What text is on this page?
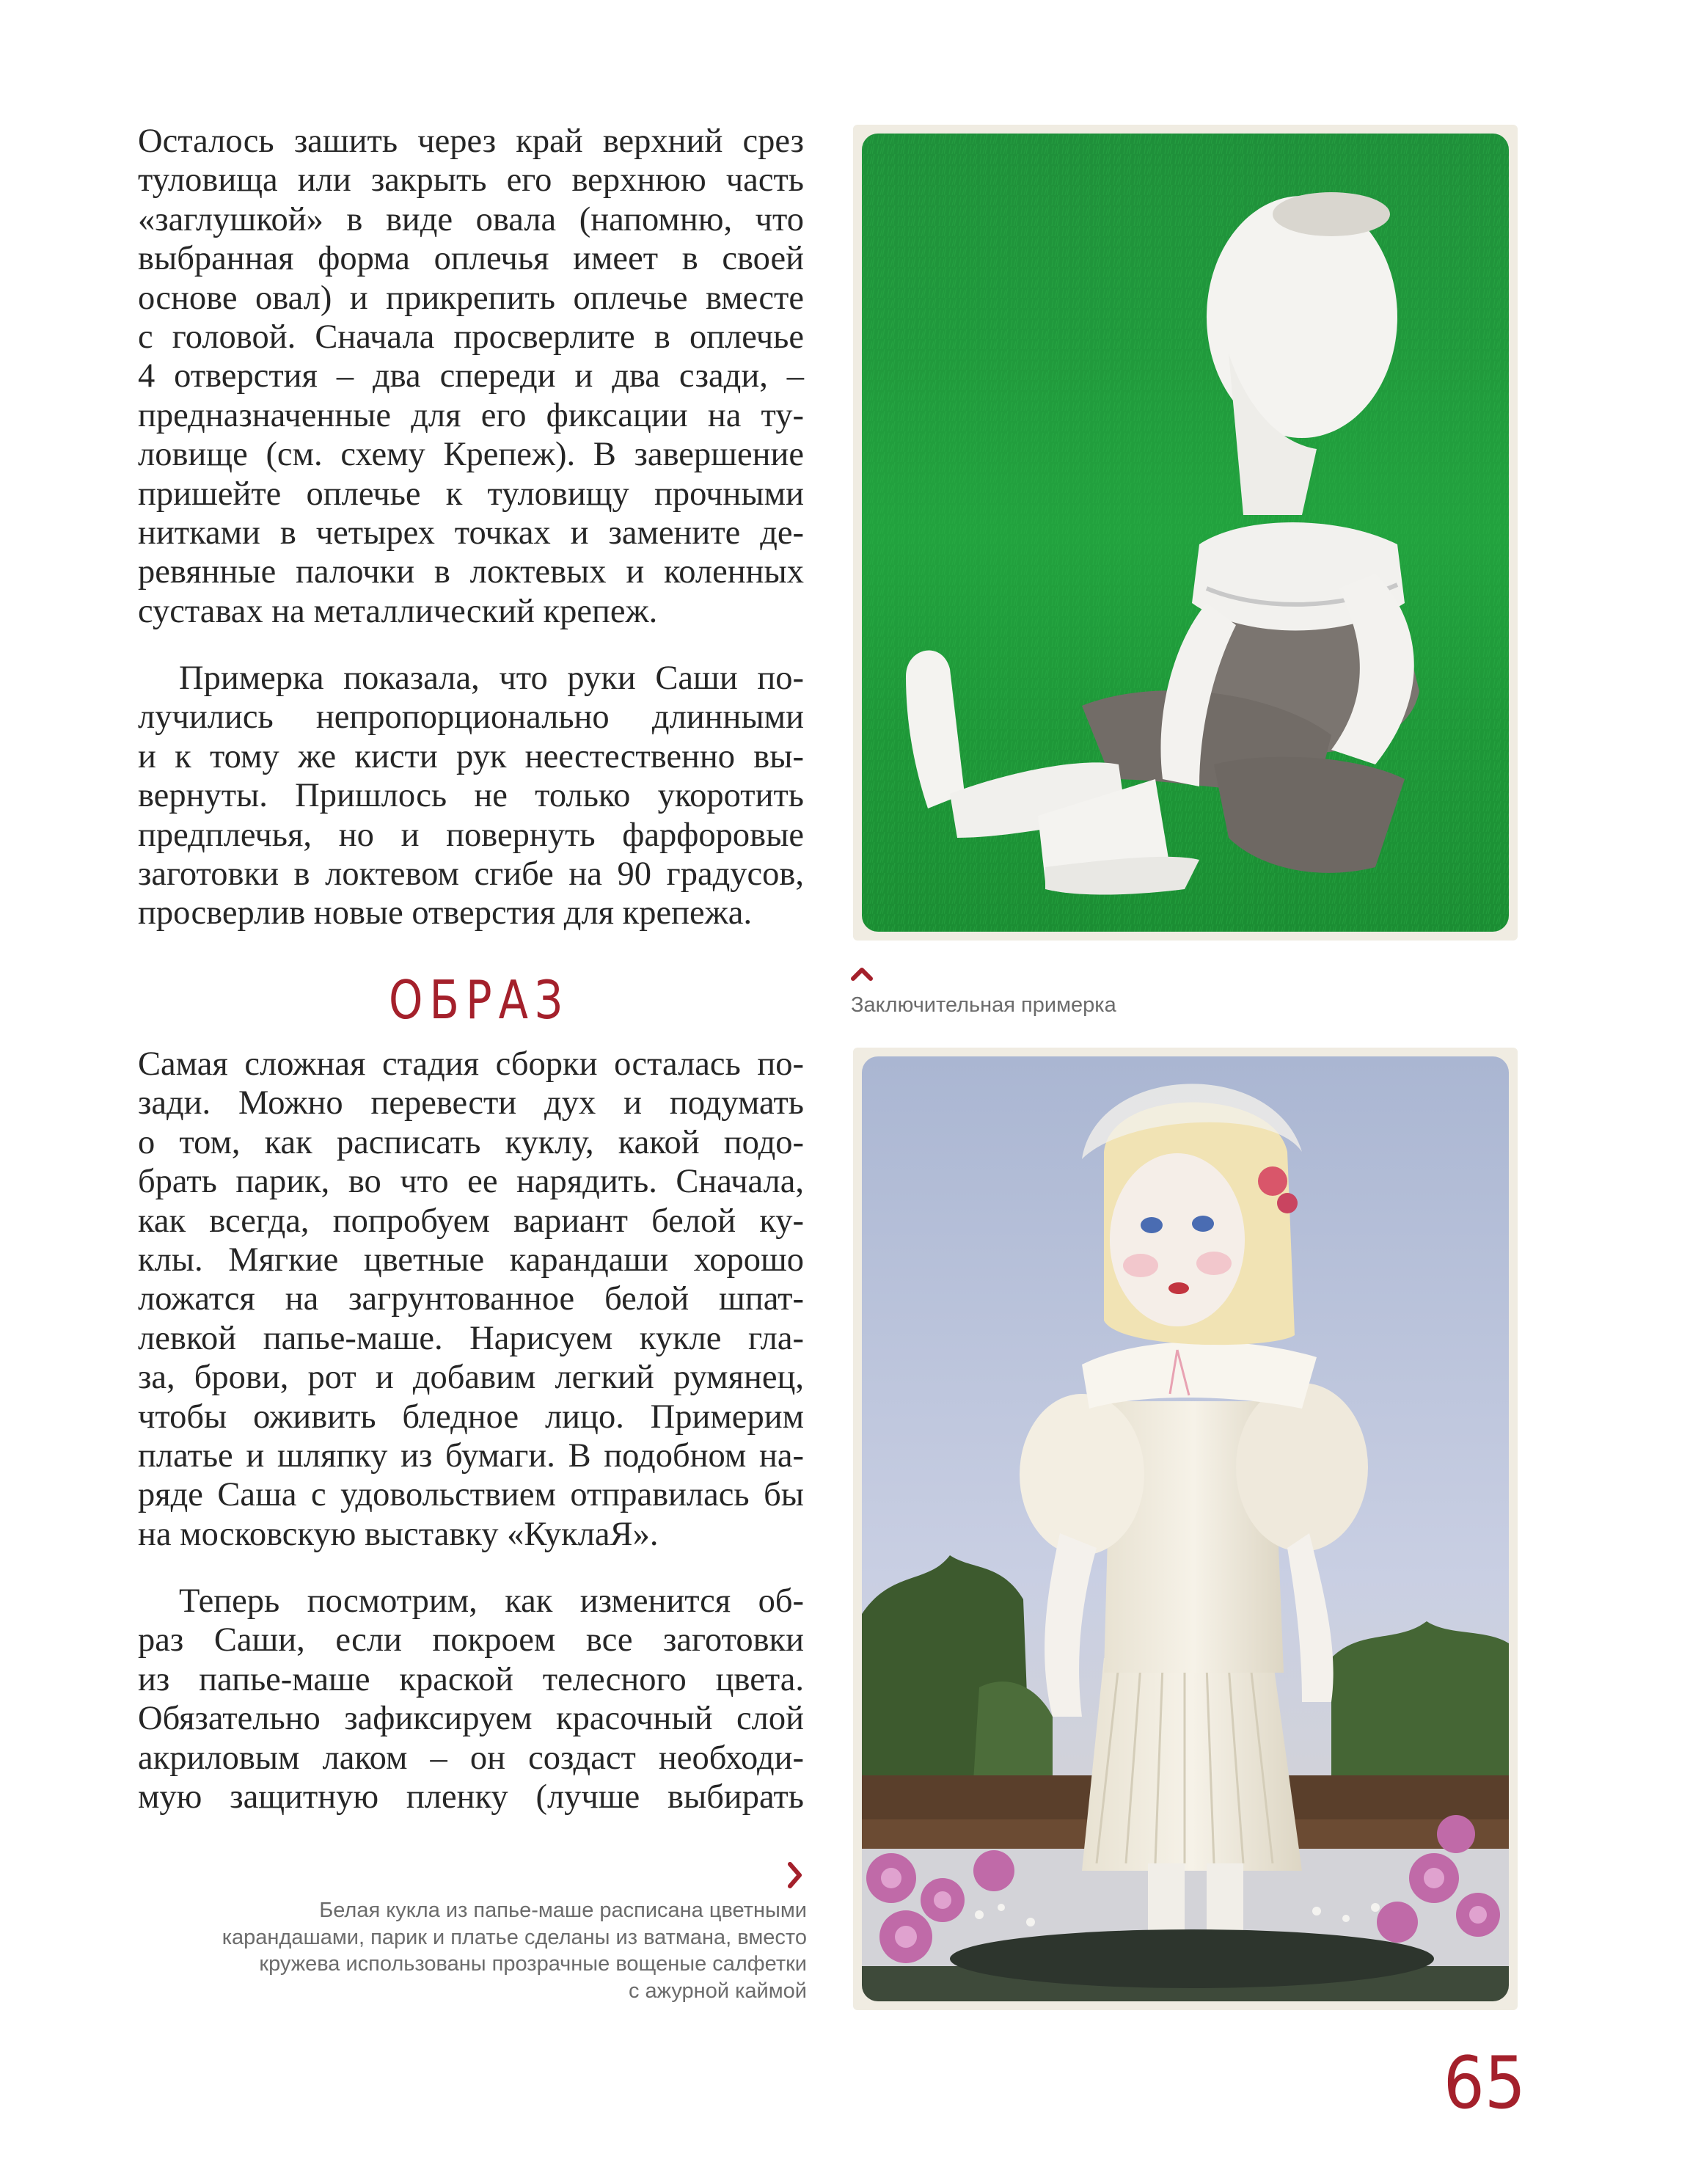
Осталось зашить через край верхний срез
туловища или закрыть его верхнюю часть
«заглушкой» в виде овала (напомню, что
выбранная форма оплечья имеет в своей
основе овал) и прикрепить оплечье вместе
с головой. Сначала просверлите в оплечье
4 отверстия – два спереди и два сзади, –
предназначенные для его фиксации на ту-
ловище (см. схему Крепеж). В завершение
пришейте оплечье к туловищу прочными
нитками в четырех точках и замените де-
ревянные палочки в локтевых и коленных
суставах на металлический крепеж.
Примерка показала, что руки Саши по-
лучились непропорционально длинными
и к тому же кисти рук неестественно вы-
вернуты. Пришлось не только укоротить
предплечья, но и повернуть фарфоровые
заготовки в локтевом сгибе на 90 градусов,
просверлив новые отверстия для крепежа.
ОБРАЗ
Самая сложная стадия сборки осталась по-
зади. Можно перевести дух и подумать
о том, как расписать куклу, какой подо-
брать парик, во что ее нарядить. Сначала,
как всегда, попробуем вариант белой ку-
клы. Мягкие цветные карандаши хорошо
ложатся на загрунтованное белой шпат-
левкой папье-маше. Нарисуем кукле гла-
за, брови, рот и добавим легкий румянец,
чтобы оживить бледное лицо. Примерим
платье и шляпку из бумаги. В подобном на-
ряде Саша с удовольствием отправилась бы
на московскую выставку «КуклаЯ».
Теперь посмотрим, как изменится об-
раз Саши, если покроем все заготовки
из папье-маше краской телесного цвета.
Обязательно зафиксируем красочный слой
акриловым лаком – он создаст необходи-
мую защитную пленку (лучше выбирать
Белая кукла из папье-маше расписана цветными
карандашами, парик и платье сделаны из ватмана, вместо
кружева использованы прозрачные вощеные салфетки
с ажурной каймой
Заключительная примерка
65
